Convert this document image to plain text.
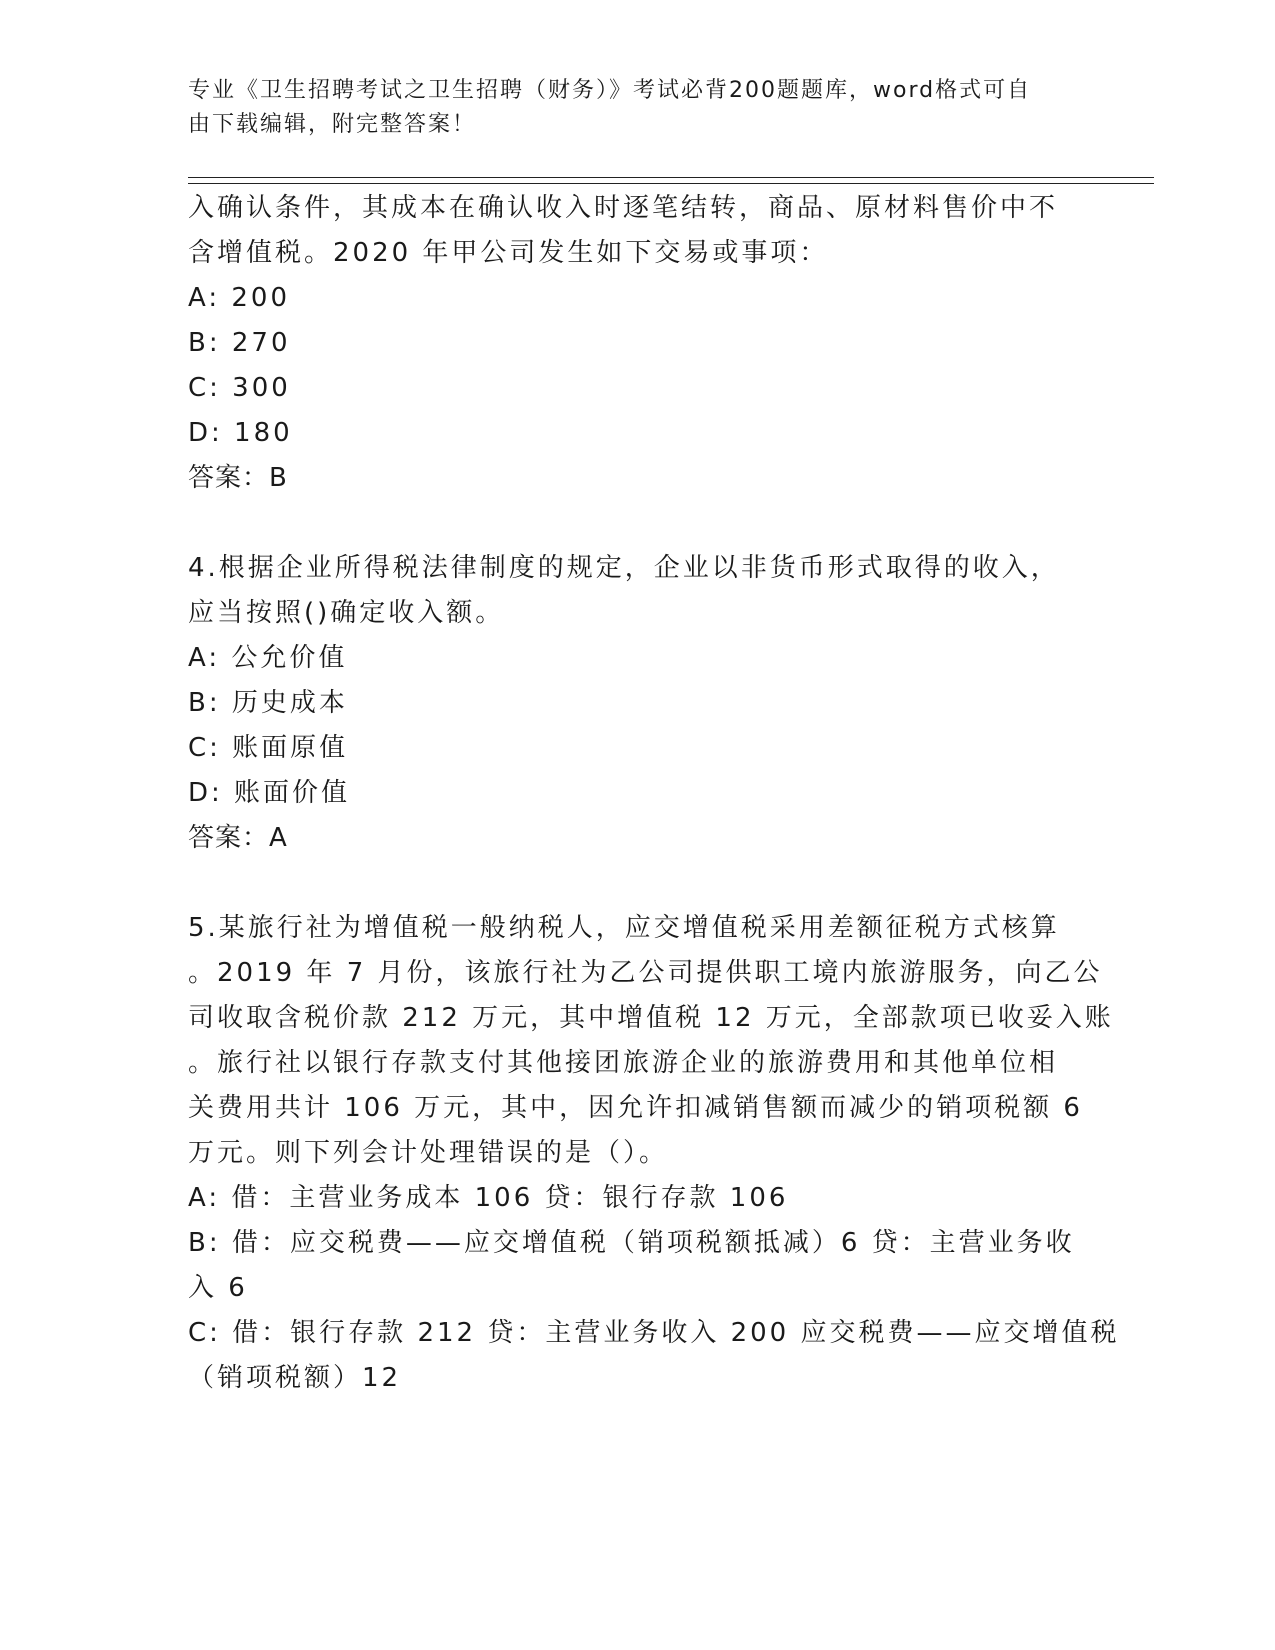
专业《卫生招聘考试之卫生招聘（财务）》考试必背200题题库，word格式可自
由下载编辑，附完整答案！
入确认条件，其成本在确认收入时逐笔结转，商品、原材料售价中不
含增值税。2020 年甲公司发生如下交易或事项：
A: 200
B: 270
C: 300
D: 180
答案：B
4.根据企业所得税法律制度的规定，企业以非货币形式取得的收入，
应当按照()确定收入额。
A: 公允价值
B: 历史成本
C: 账面原值
D: 账面价值
答案：A
5.某旅行社为增值税一般纳税人，应交增值税采用差额征税方式核算
。2019 年 7 月份，该旅行社为乙公司提供职工境内旅游服务，向乙公
司收取含税价款 212 万元，其中增值税 12 万元，全部款项已收妥入账
。旅行社以银行存款支付其他接团旅游企业的旅游费用和其他单位相
关费用共计 106 万元，其中，因允许扣减销售额而减少的销项税额 6
万元。则下列会计处理错误的是（）。
A: 借：主营业务成本 106 贷：银行存款 106
B: 借：应交税费——应交增值税（销项税额抵减）6 贷：主营业务收
入 6
C: 借：银行存款 212 贷：主营业务收入 200 应交税费——应交增值税
（销项税额）12
